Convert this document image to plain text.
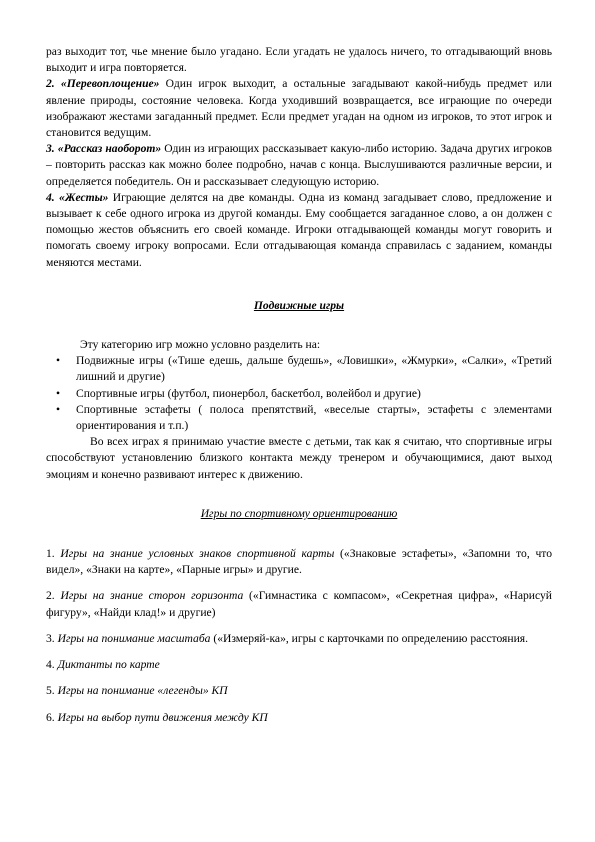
раз выходит тот, чье мнение было угадано. Если угадать не удалось ничего, то отгадывающий вновь выходит и игра повторяется.

2. «Перевоплощение» Один игрок выходит, а остальные загадывают какой-нибудь предмет или явление природы, состояние человека. Когда уходивший возвращается, все играющие по очереди изображают жестами загаданный предмет. Если предмет угадан на одном из игроков, то этот игрок и становится ведущим.

3. «Рассказ наоборот» Один из играющих рассказывает какую-либо историю. Задача других игроков – повторить рассказ как можно более подробно, начав с конца. Выслушиваются различные версии, и определяется победитель. Он и рассказывает следующую историю.

4. «Жесты» Играющие делятся на две команды. Одна из команд загадывает слово, предложение и вызывает к себе одного игрока из другой команды. Ему сообщается загаданное слово, а он должен с помощью жестов объяснить его своей команде. Игроки отгадывающей команды могут говорить и помогать своему игроку вопросами. Если отгадывающая команда справилась с заданием, команды меняются местами.

Подвижные игры

Эту категорию игр можно условно разделить на:

• Подвижные игры («Тише едешь, дальше будешь», «Ловишки», «Жмурки», «Салки», «Третий лишний и другие)
• Спортивные игры (футбол, пионербол, баскетбол, волейбол и другие)
• Спортивные эстафеты ( полоса препятствий, «веселые старты», эстафеты с элементами ориентирования и т.п.)

Во всех играх я принимаю участие вместе с детьми, так как я считаю, что спортивные игры способствуют установлению близкого контакта между тренером и обучающимися, дают выход эмоциям и конечно развивают интерес к движению.

Игры по спортивному ориентированию

1. Игры на знание условных знаков спортивной карты («Знаковые эстафеты», «Запомни то, что видел», «Знаки на карте», «Парные игры» и другие.

2. Игры на знание сторон горизонта («Гимнастика с компасом», «Секретная цифра», «Нарисуй фигуру», «Найди клад!» и другие)

3. Игры на понимание масштаба («Измеряй-ка», игры с карточками по определению расстояния.

4. Диктанты по карте

5. Игры на понимание «легенды» КП

6. Игры на выбор пути движения между КП
